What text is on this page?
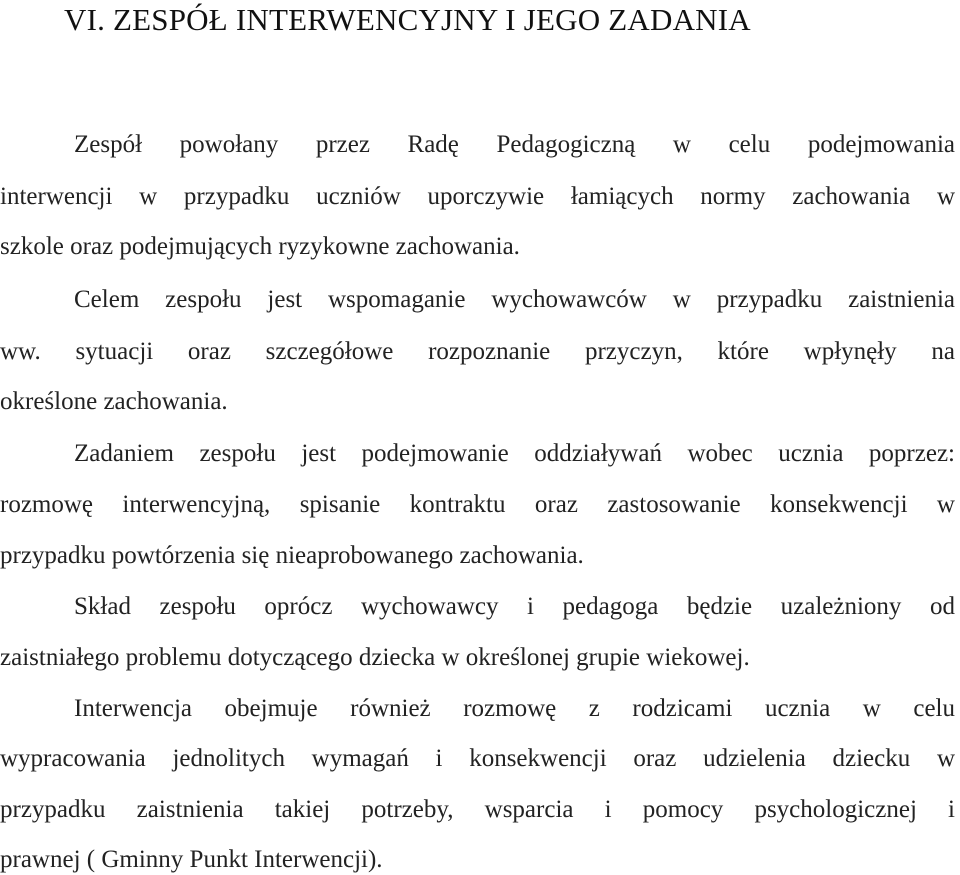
VI. ZESPÓŁ INTERWENCYJNY I JEGO ZADANIA

Zespół powołany przez Radę Pedagogiczną w celu podejmowania

interwencji w przypadku uczniów uporczywie łamiących normy zachowania w

szkole oraz podejmujących ryzykowne zachowania.

Celem zespołu jest wspomaganie wychowawców w przypadku zaistnienia

ww. sytuacji oraz szczegółowe rozpoznanie przyczyn, które wpłynęły na

określone zachowania.

Zadaniem zespołu jest podejmowanie oddziaływań wobec ucznia poprzez:

rozmowę interwencyjną, spisanie kontraktu oraz zastosowanie konsekwencji w

przypadku powtórzenia się nieaprobowanego zachowania.

Skład zespołu oprócz wychowawcy i pedagoga będzie uzależniony od

zaistniałego problemu dotyczącego dziecka w określonej grupie wiekowej.

Interwencja obejmuje również rozmowę z rodzicami ucznia w celu

wypracowania jednolitych wymagań i konsekwencji oraz udzielenia dziecku w

przypadku zaistnienia takiej potrzeby, wsparcia i pomocy psychologicznej i

prawnej ( Gminny Punkt Interwencji).
